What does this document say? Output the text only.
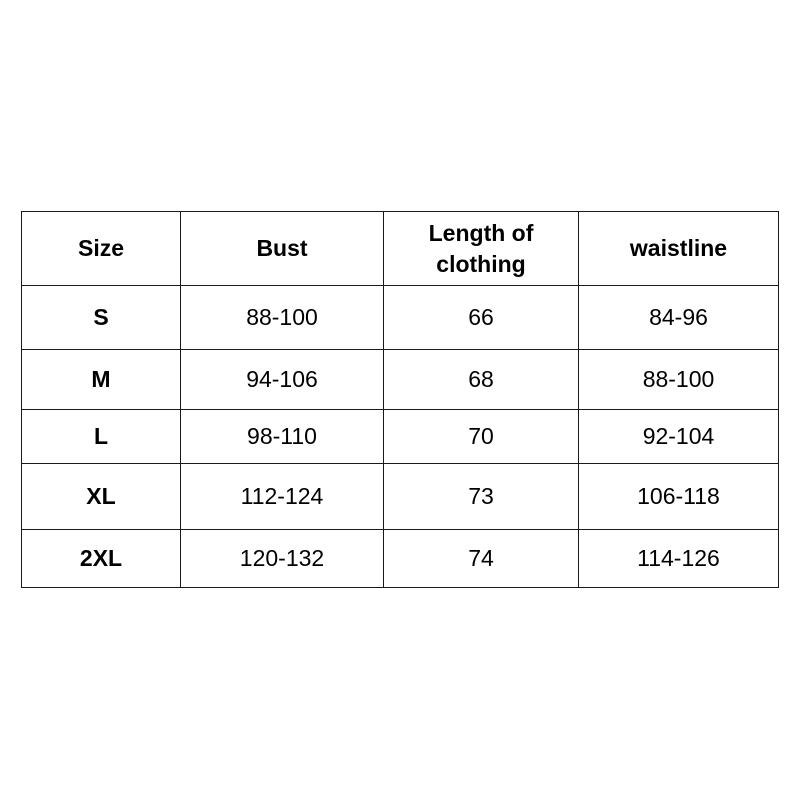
Size	Bust	Length of clothing	waistline
S	88-100	66	84-96
M	94-106	68	88-100
L	98-110	70	92-104
XL	112-124	73	106-118
2XL	120-132	74	114-126
